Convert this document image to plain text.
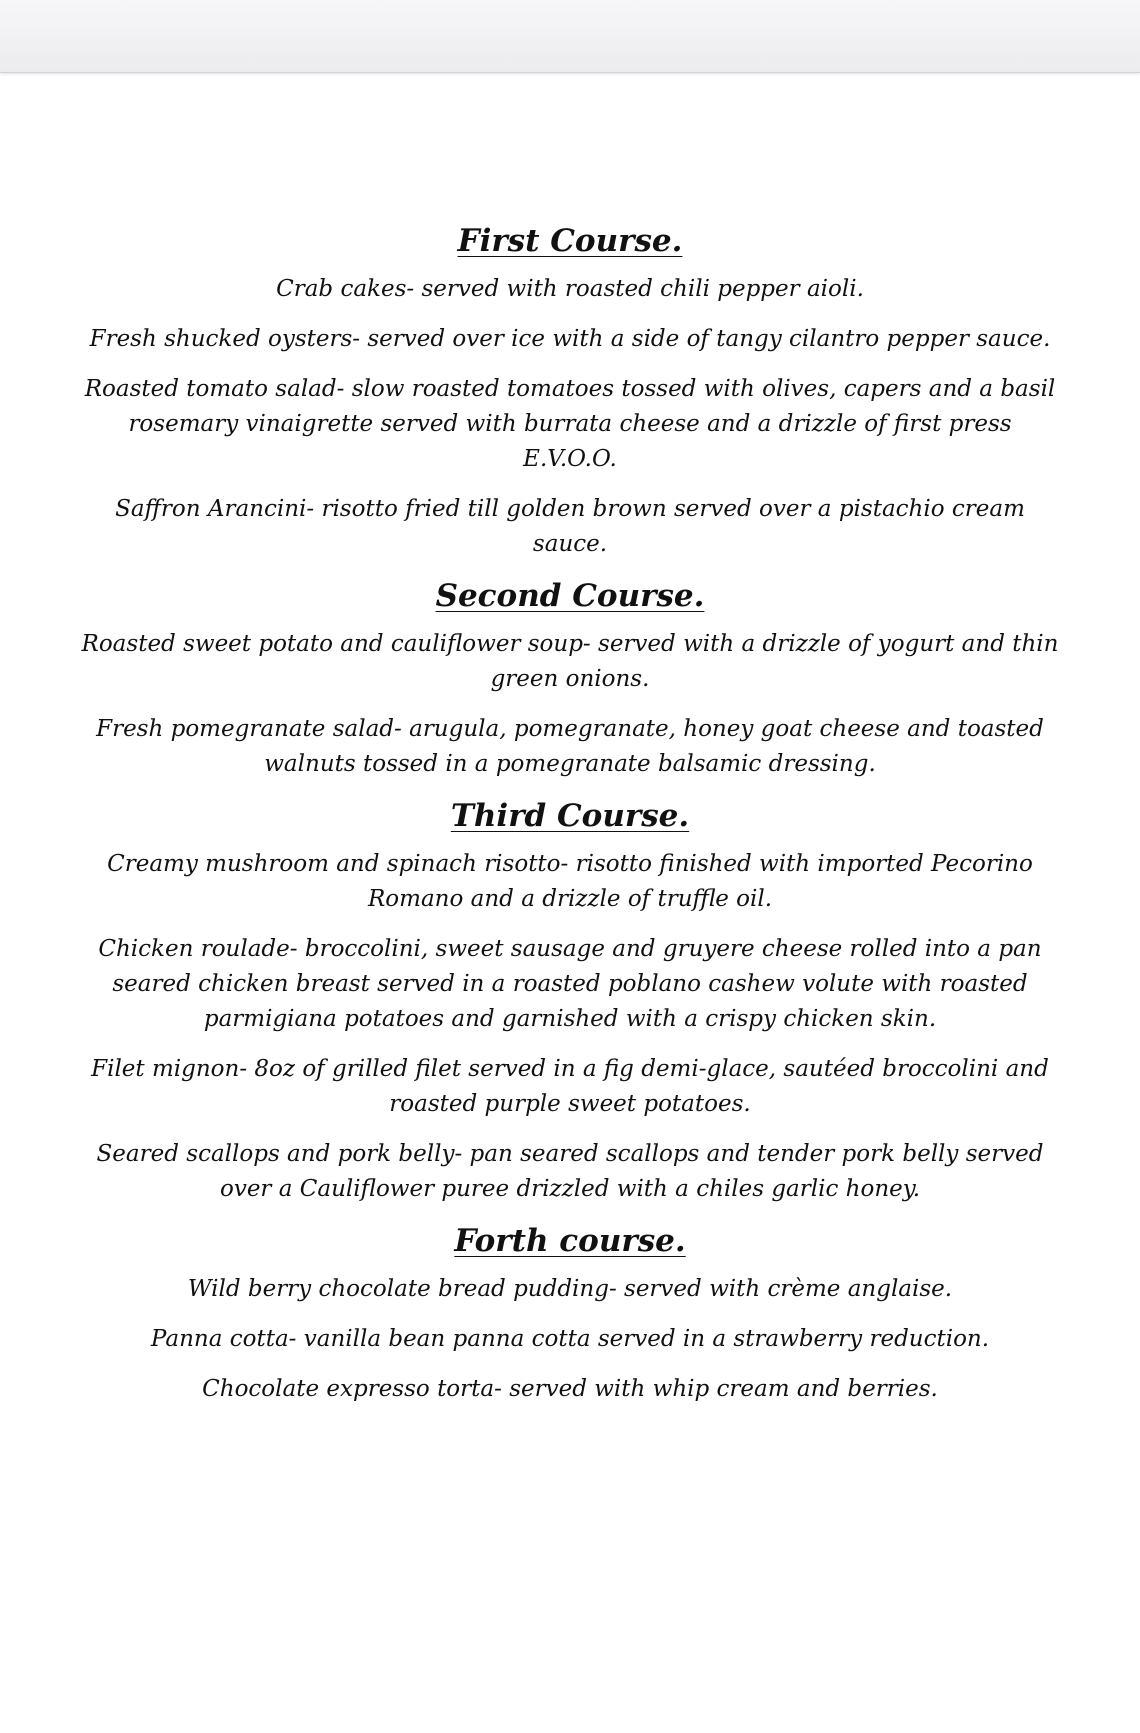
First Course.

Crab cakes- served with roasted chili pepper aioli.

Fresh shucked oysters- served over ice with a side of tangy cilantro pepper sauce.

Roasted tomato salad- slow roasted tomatoes tossed with olives, capers and a basil rosemary vinaigrette served with burrata cheese and a drizzle of first press E.V.O.O.

Saffron Arancini- risotto fried till golden brown served over a pistachio cream sauce.

Second Course.

Roasted sweet potato and cauliflower soup- served with a drizzle of yogurt and thin green onions.

Fresh pomegranate salad- arugula, pomegranate, honey goat cheese and toasted walnuts tossed in a pomegranate balsamic dressing.

Third Course.

Creamy mushroom and spinach risotto- risotto finished with imported Pecorino Romano and a drizzle of truffle oil.

Chicken roulade- broccolini, sweet sausage and gruyere cheese rolled into a pan seared chicken breast served in a roasted poblano cashew volute with roasted parmigiana potatoes and garnished with a crispy chicken skin.

Filet mignon- 8oz of grilled filet served in a fig demi-glace, sautéed broccolini and roasted purple sweet potatoes.

Seared scallops and pork belly- pan seared scallops and tender pork belly served over a Cauliflower puree drizzled with a chiles garlic honey.

Forth course.

Wild berry chocolate bread pudding- served with crème anglaise.

Panna cotta- vanilla bean panna cotta served in a strawberry reduction.

Chocolate expresso torta- served with whip cream and berries.
